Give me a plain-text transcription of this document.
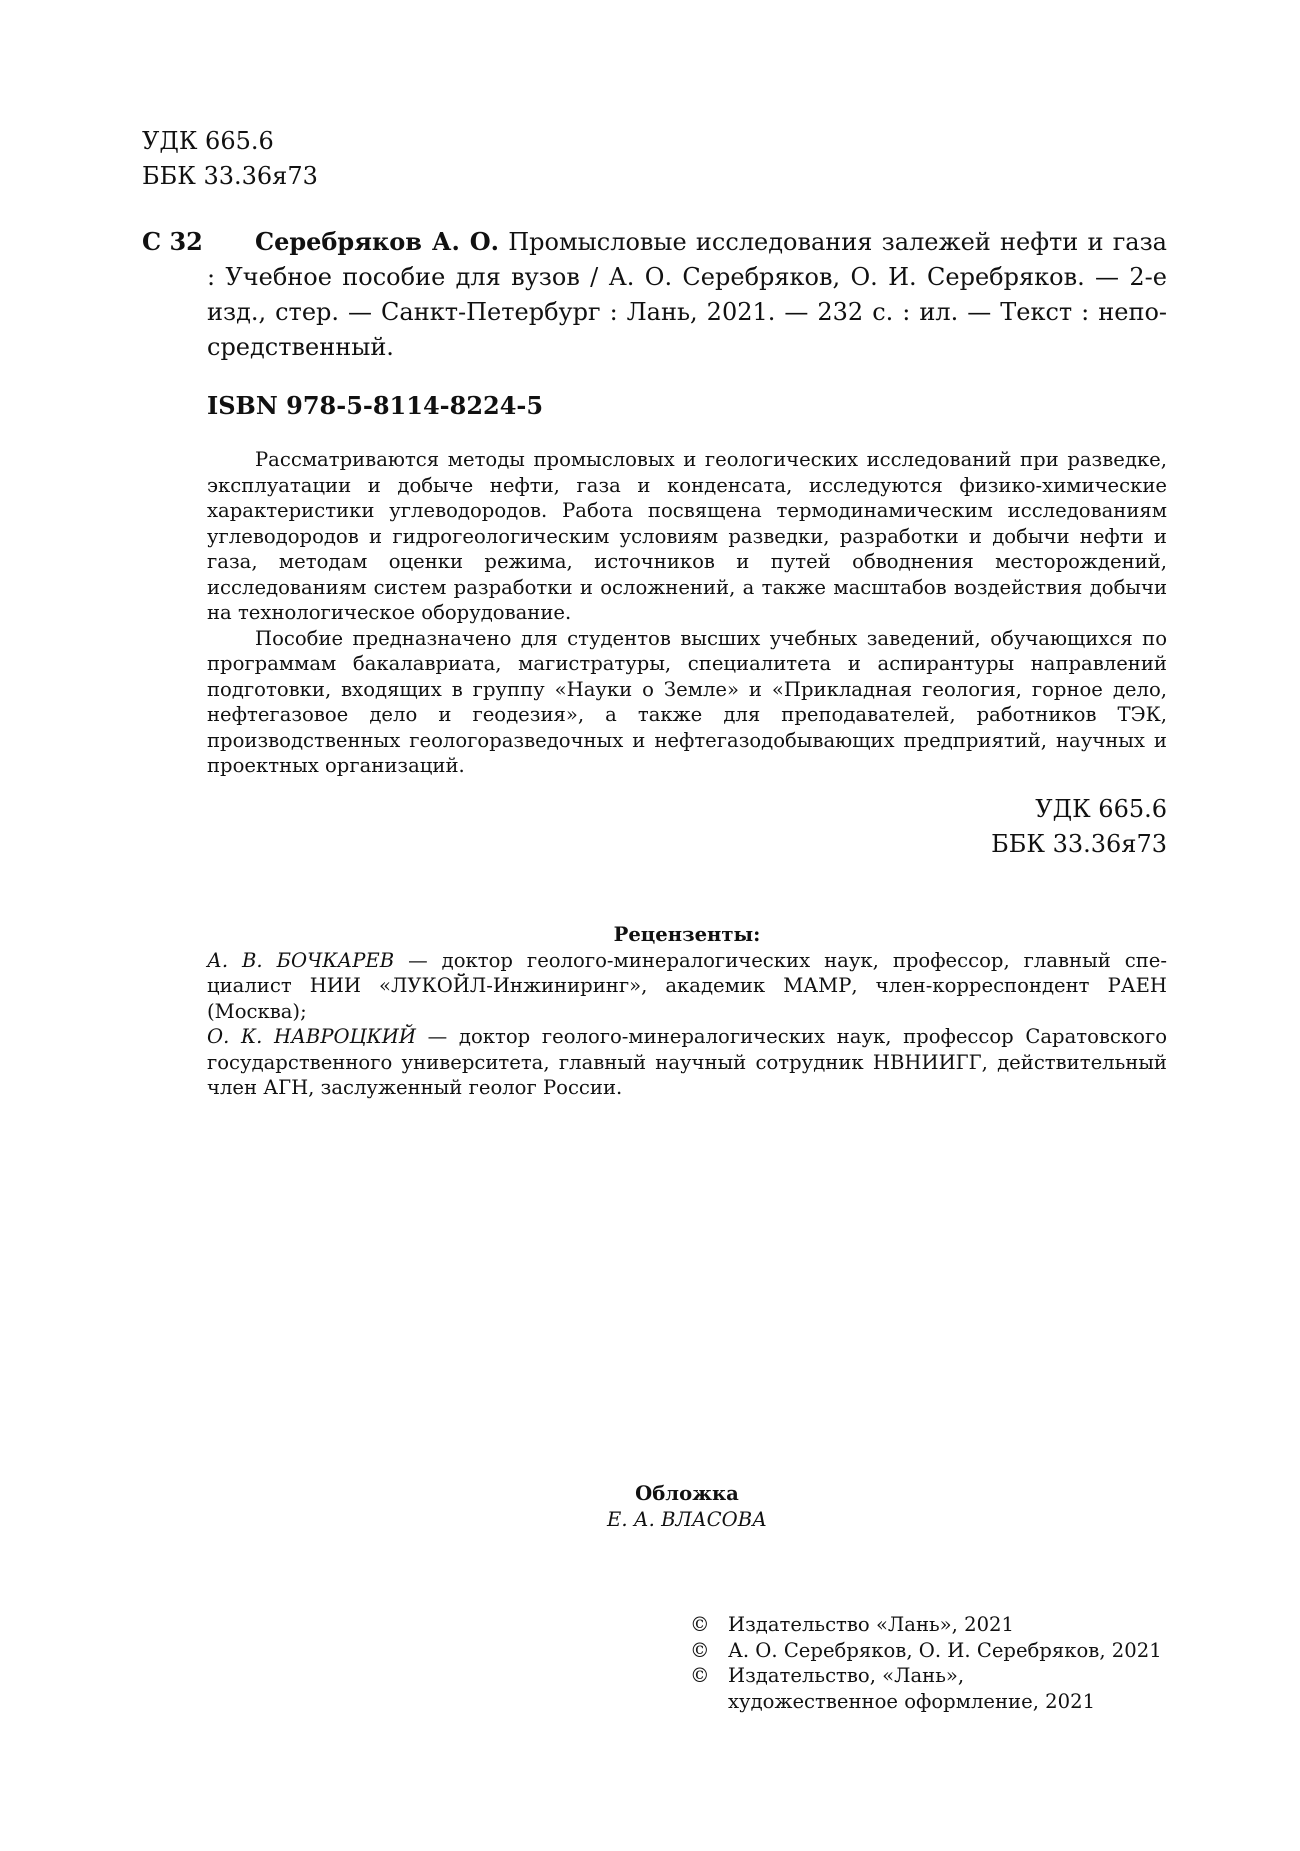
УДК 665.6
ББК 33.36я73
С 32	Серебряков А. О. Промысловые исследования залежей нефти и газа : Учебное пособие для вузов / А. О. Серебряков, О. И. Серебряков. — 2-е изд., стер. — Санкт-Петербург : Лань, 2021. — 232 с. : ил. — Текст : непосредственный.
ISBN 978-5-8114-8224-5

Рассматриваются методы промысловых и геологических исследований при разведке, эксплуатации и добыче нефти, газа и конденсата, исследуются физико-химические характеристики углеводородов. Работа посвящена термодинамическим исследованиям углеводородов и гидрогеологическим условиям разведки, разработки и добычи нефти и газа, методам оценки режима, источников и путей обводнения месторождений, исследованиям систем разработки и осложнений, а также масштабов воздействия добычи на технологическое оборудование.

Пособие предназначено для студентов высших учебных заведений, обучающихся по программам бакалавриата, магистратуры, специалитета и аспирантуры направлений подготовки, входящих в группу «Науки о Земле» и «Прикладная геология, горное дело, нефтегазовое дело и геодезия», а также для преподавателей, работников ТЭК, производственных геологоразведочных и нефтегазодобывающих предприятий, научных и проектных организаций.

УДК 665.6
ББК 33.36я73
Рецензенты:

А. В. БОЧКАРЕВ — доктор геолого-минералогических наук, профессор, главный специалист НИИ «ЛУКОЙЛ-Инжиниринг», академик МАМР, член-корреспондент РАЕН (Москва);

О. К. НАВРОЦКИЙ — доктор геолого-минералогических наук, профессор Саратовского государственного университета, главный научный сотрудник НВНИИГГ, действительный член АГН, заслуженный геолог России.

Обложка
Е. А. ВЛАСОВА
© Издательство «Лань», 2021
© А. О. Серебряков, О. И. Серебряков, 2021
© Издательство, «Лань»,
художественное оформление, 2021
